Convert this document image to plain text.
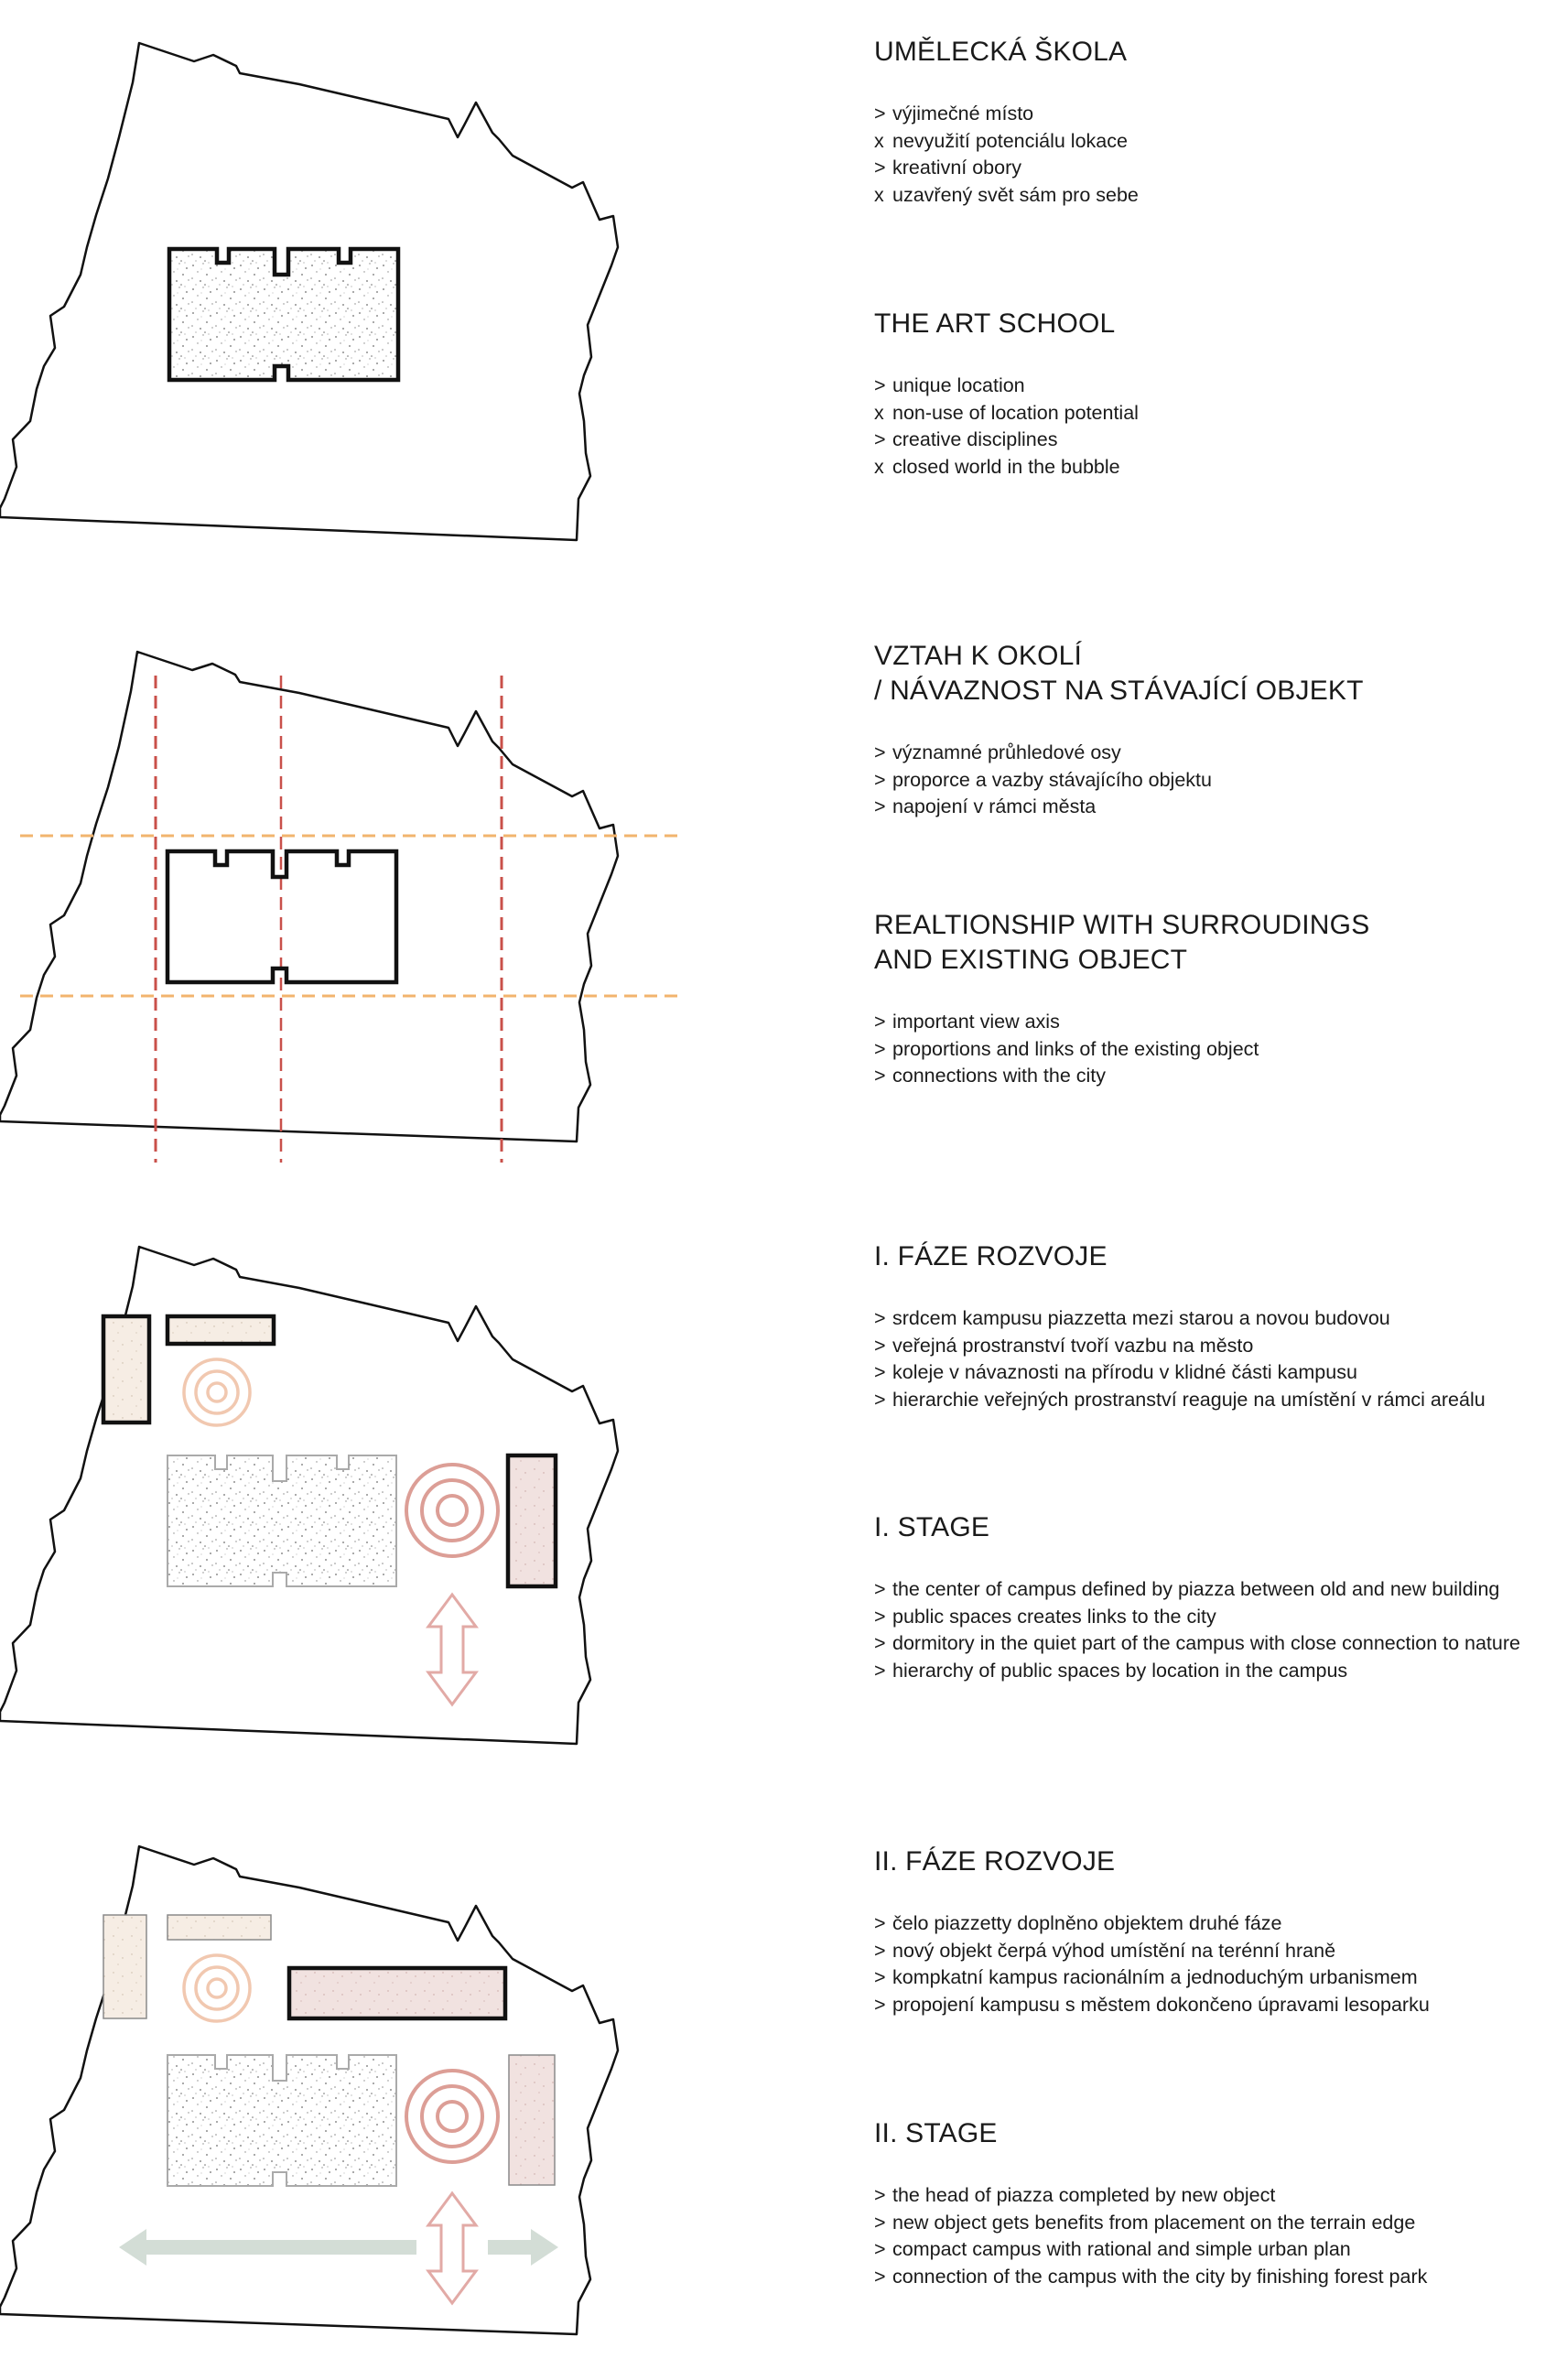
UMĚLECKÁ ŠKOLA
> výjimečné místo
x nevyužití potenciálu lokace
> kreativní obory
x uzavřený svět sám pro sebe
THE ART SCHOOL
> unique location
x non-use of location potential
> creative disciplines
x closed world in the bubble
VZTAH K OKOLÍ
/ NÁVAZNOST NA STÁVAJÍCÍ OBJEKT
> významné průhledové osy
> proporce a vazby stávajícího objektu
> napojení v rámci města
REALTIONSHIP WITH SURROUDINGS
AND EXISTING OBJECT
> important view axis
> proportions and links of the existing object
> connections with the city
I. FÁZE ROZVOJE
> srdcem kampusu piazzetta mezi starou a novou budovou
> veřejná prostranství tvoří vazbu na město
> koleje v návaznosti na přírodu v klidné části kampusu
> hierarchie veřejných prostranství reaguje na umístění v rámci areálu
I. STAGE
> the center of campus defined by piazza between old and new building
> public spaces creates links to the city
> dormitory in the quiet part of the campus with close connection to nature
> hierarchy of public spaces by location in the campus
II. FÁZE ROZVOJE
> čelo piazzetty doplněno objektem druhé fáze
> nový objekt čerpá výhod umístění na terénní hraně
> kompkatní kampus racionálním a jednoduchým urbanismem
> propojení kampusu s městem dokončeno úpravami lesoparku
II. STAGE
> the head of piazza completed by new object
> new object gets benefits from placement on the terrain edge
> compact campus with rational and simple urban plan
> connection of the campus with the city by finishing forest park
